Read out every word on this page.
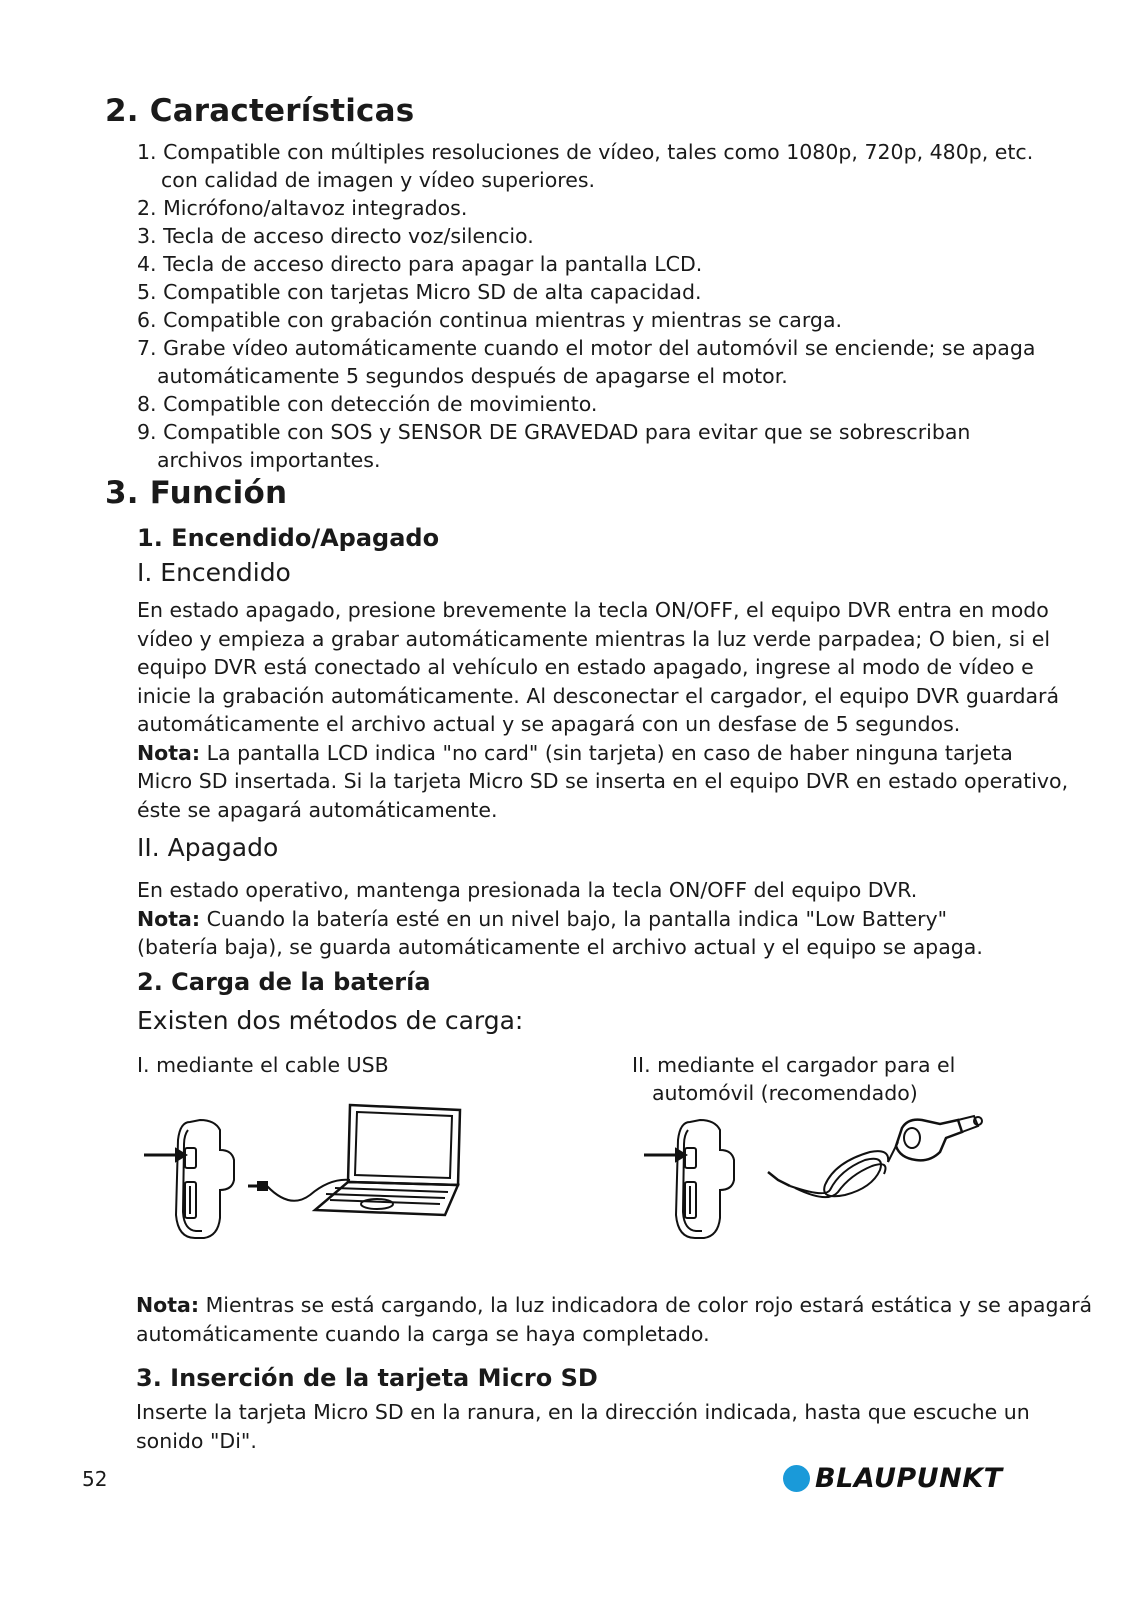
2. Características
1. Compatible con múltiples resoluciones de vídeo, tales como 1080p, 720p, 480p, etc.
con calidad de imagen y vídeo superiores.
2. Micrófono/altavoz integrados.
3. Tecla de acceso directo voz/silencio.
4. Tecla de acceso directo para apagar la pantalla LCD.
5. Compatible con tarjetas Micro SD de alta capacidad.
6. Compatible con grabación continua mientras y mientras se carga.
7. Grabe vídeo automáticamente cuando el motor del automóvil se enciende; se apaga
automáticamente 5 segundos después de apagarse el motor.
8. Compatible con detección de movimiento.
9. Compatible con SOS y SENSOR DE GRAVEDAD para evitar que se sobrescriban
archivos importantes.
3. Función
1. Encendido/Apagado
I. Encendido
En estado apagado, presione brevemente la tecla ON/OFF, el equipo DVR entra en modo
vídeo y empieza a grabar automáticamente mientras la luz verde parpadea; O bien, si el
equipo DVR está conectado al vehículo en estado apagado, ingrese al modo de vídeo e
inicie la grabación automáticamente. Al desconectar el cargador, el equipo DVR guardará
automáticamente el archivo actual y se apagará con un desfase de 5 segundos.
Nota: La pantalla LCD indica "no card" (sin tarjeta) en caso de haber ninguna tarjeta
Micro SD insertada. Si la tarjeta Micro SD se inserta en el equipo DVR en estado operativo,
éste se apagará automáticamente.
II. Apagado
En estado operativo, mantenga presionada la tecla ON/OFF del equipo DVR.
Nota: Cuando la batería esté en un nivel bajo, la pantalla indica "Low Battery"
(batería baja), se guarda automáticamente el archivo actual y el equipo se apaga.
2. Carga de la batería
Existen dos métodos de carga:
I. mediante el cable USB	II. mediante el cargador para el
automóvil (recomendado)
Nota: Mientras se está cargando, la luz indicadora de color rojo estará estática y se apagará
automáticamente cuando la carga se haya completado.
3. Inserción de la tarjeta Micro SD
Inserte la tarjeta Micro SD en la ranura, en la dirección indicada, hasta que escuche un
sonido "Di".
52	BLAUPUNKT
